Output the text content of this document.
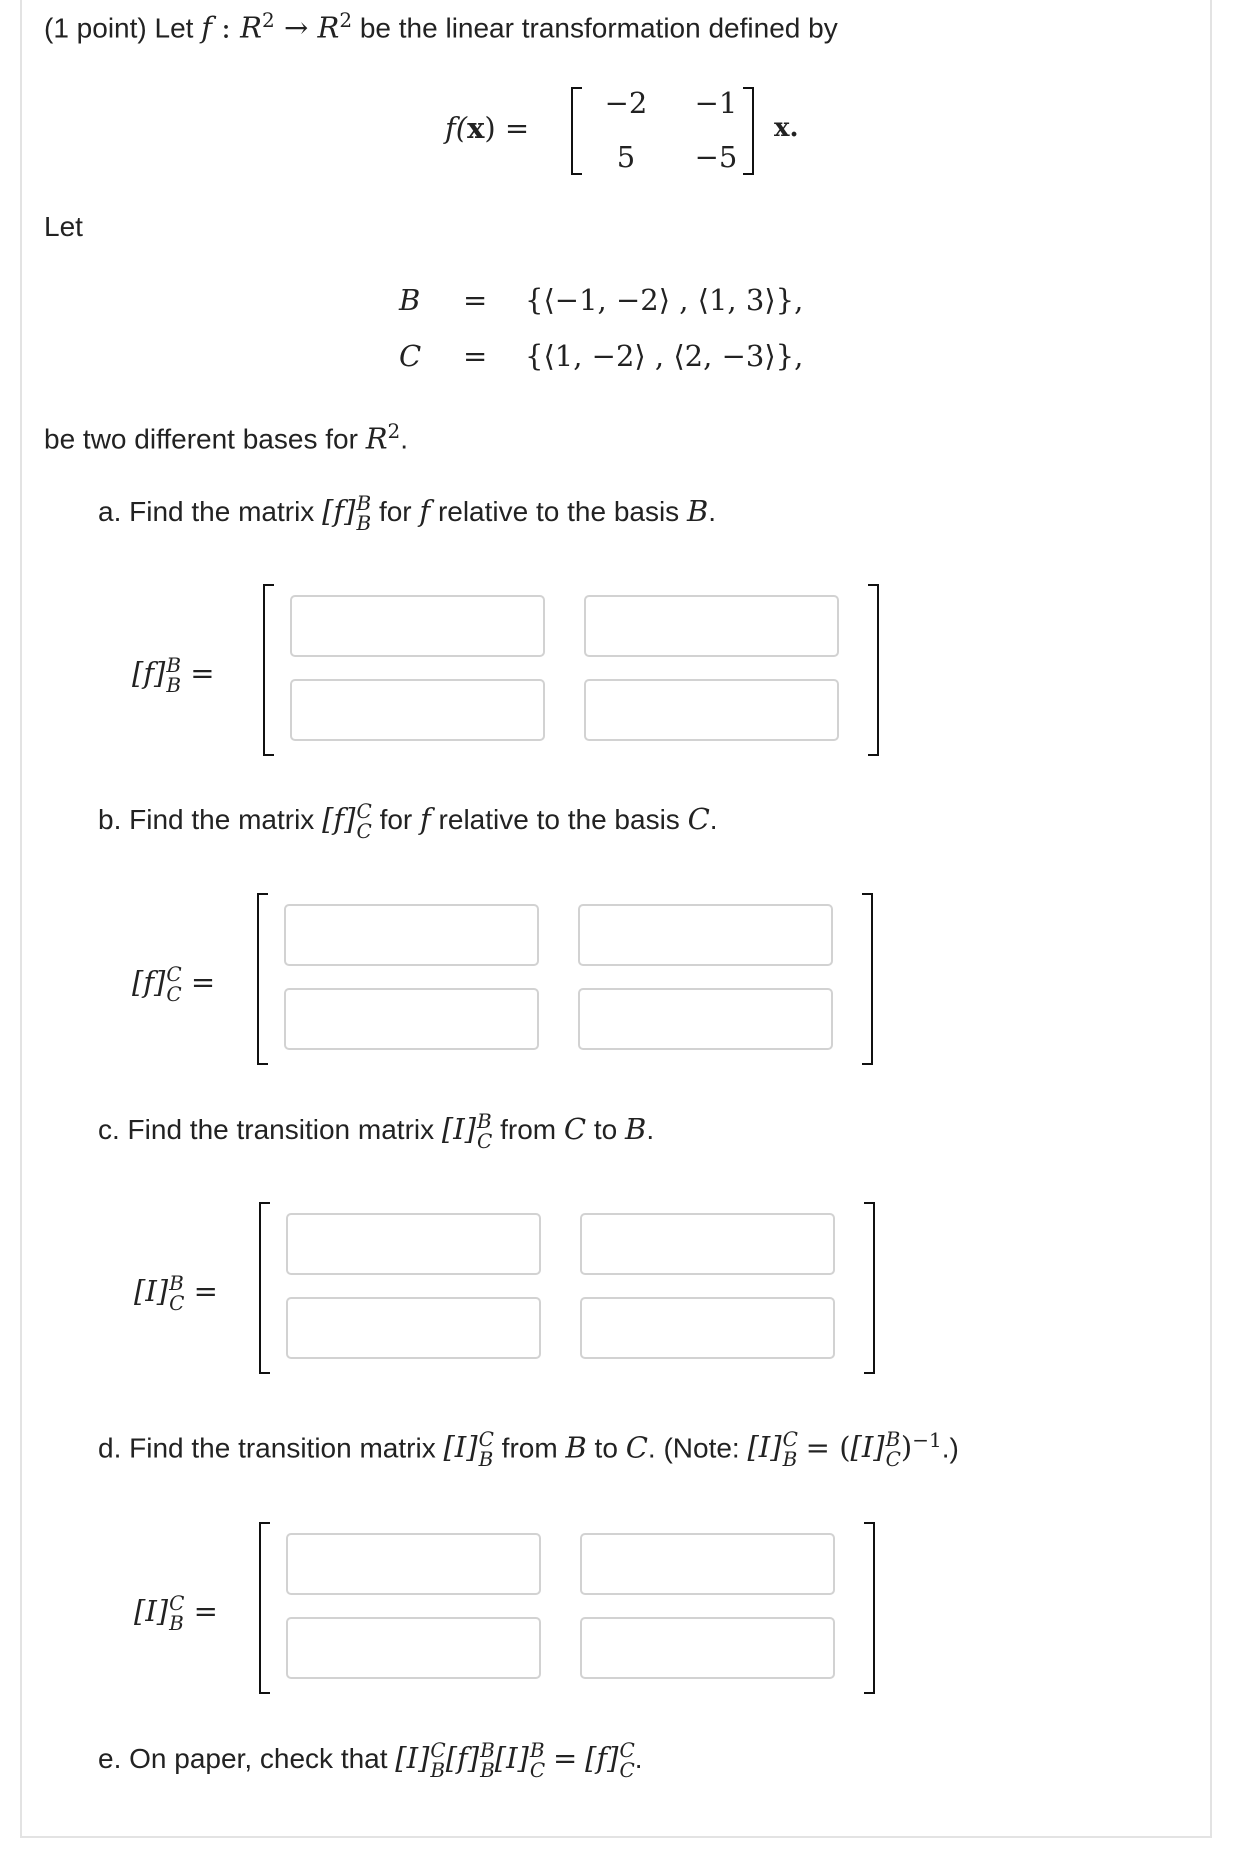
(1 point) Let f : $R^2 \to R^2$ be the linear transformation defined by
f(x) =
−2 −1
5	−5
x.
Let
B = {⟨−1, −2⟩ , ⟨1, 3⟩},
C = {⟨1, −2⟩ , ⟨2, −3⟩},
be two different bases for $R^2$.
a. Find the matrix [f] B
B for f relative to the basis B.
[f] B
B =
b. Find the matrix [f] C
C for f relative to the basis C.
[f] C
C =
c. Find the transition matrix [I] B
C from C to B.
[I] B
C =
d. Find the transition matrix [I] C
B from B to C. (Note: [I] C
B = ([I] B
C )$^{-1}$.)
[I] C
B =
e. On paper, check that [I] C
B [f] B
B [I] B
C = [f] C
C .
